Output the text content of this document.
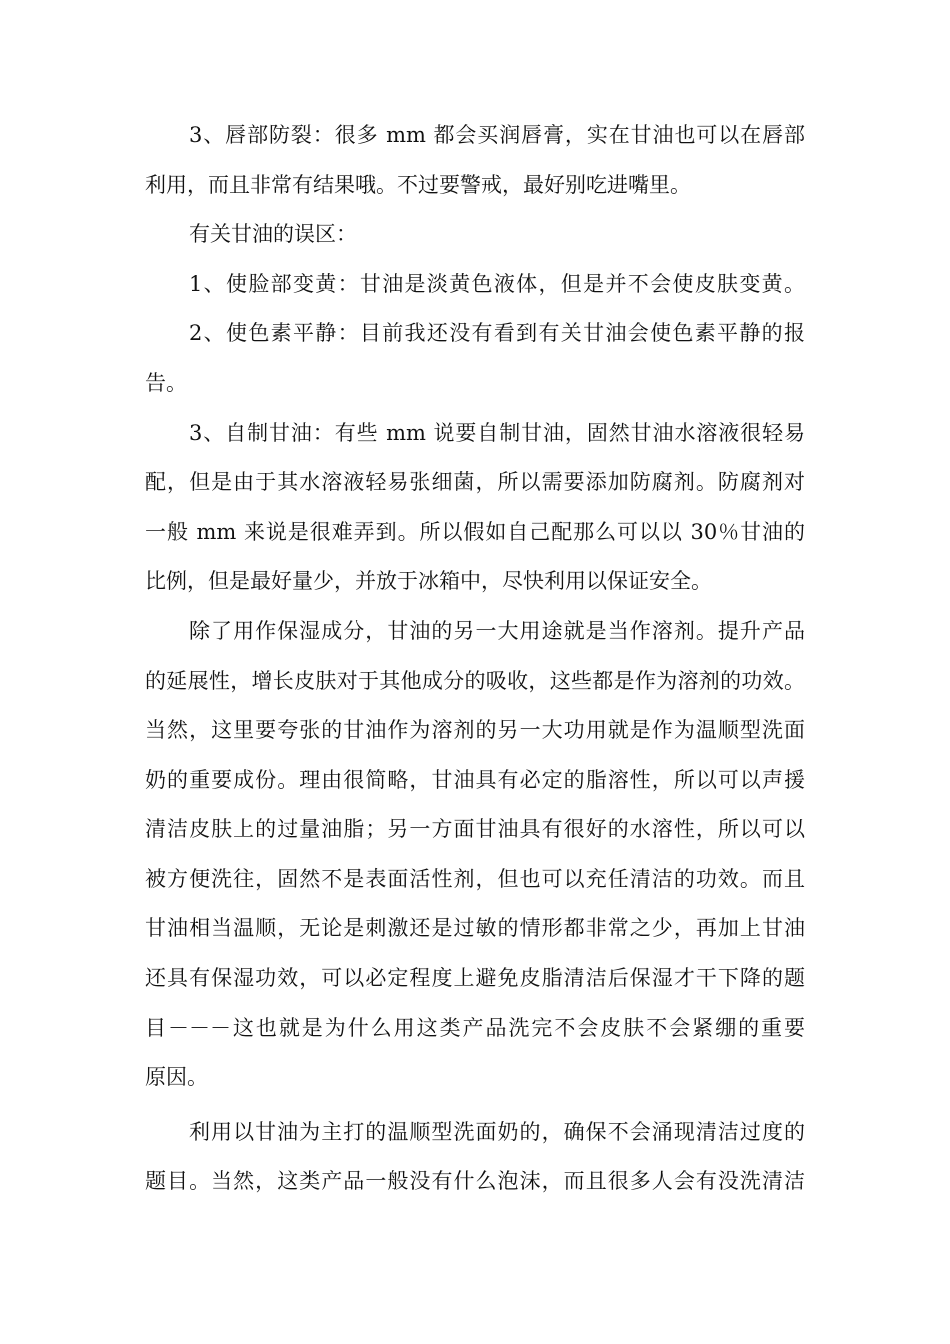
3、唇部防裂：很多 mm 都会买润唇膏，实在甘油也可以在唇部

利用，而且非常有结果哦。不过要警戒，最好别吃进嘴里。

有关甘油的误区：

1、使脸部变黄：甘油是淡黄色液体，但是并不会使皮肤变黄。

2、使色素平静：目前我还没有看到有关甘油会使色素平静的报

告。

3、自制甘油：有些 mm 说要自制甘油，固然甘油水溶液很轻易

配，但是由于其水溶液轻易张细菌，所以需要添加防腐剂。防腐剂对

一般 mm 来说是很难弄到。所以假如自己配那么可以以 30％甘油的

比例，但是最好量少，并放于冰箱中，尽快利用以保证安全。

除了用作保湿成分，甘油的另一大用途就是当作溶剂。提升产品

的延展性，增长皮肤对于其他成分的吸收，这些都是作为溶剂的功效。

当然，这里要夸张的甘油作为溶剂的另一大功用就是作为温顺型洗面

奶的重要成份。理由很简略，甘油具有必定的脂溶性，所以可以声援

清洁皮肤上的过量油脂；另一方面甘油具有很好的水溶性，所以可以

被方便洗往，固然不是表面活性剂，但也可以充任清洁的功效。而且

甘油相当温顺，无论是刺激还是过敏的情形都非常之少，再加上甘油

还具有保湿功效，可以必定程度上避免皮脂清洁后保湿才干下降的题

目－－－这也就是为什么用这类产品洗完不会皮肤不会紧绷的重要

原因。

利用以甘油为主打的温顺型洗面奶的，确保不会涌现清洁过度的

题目。当然，这类产品一般没有什么泡沫，而且很多人会有没洗清洁
